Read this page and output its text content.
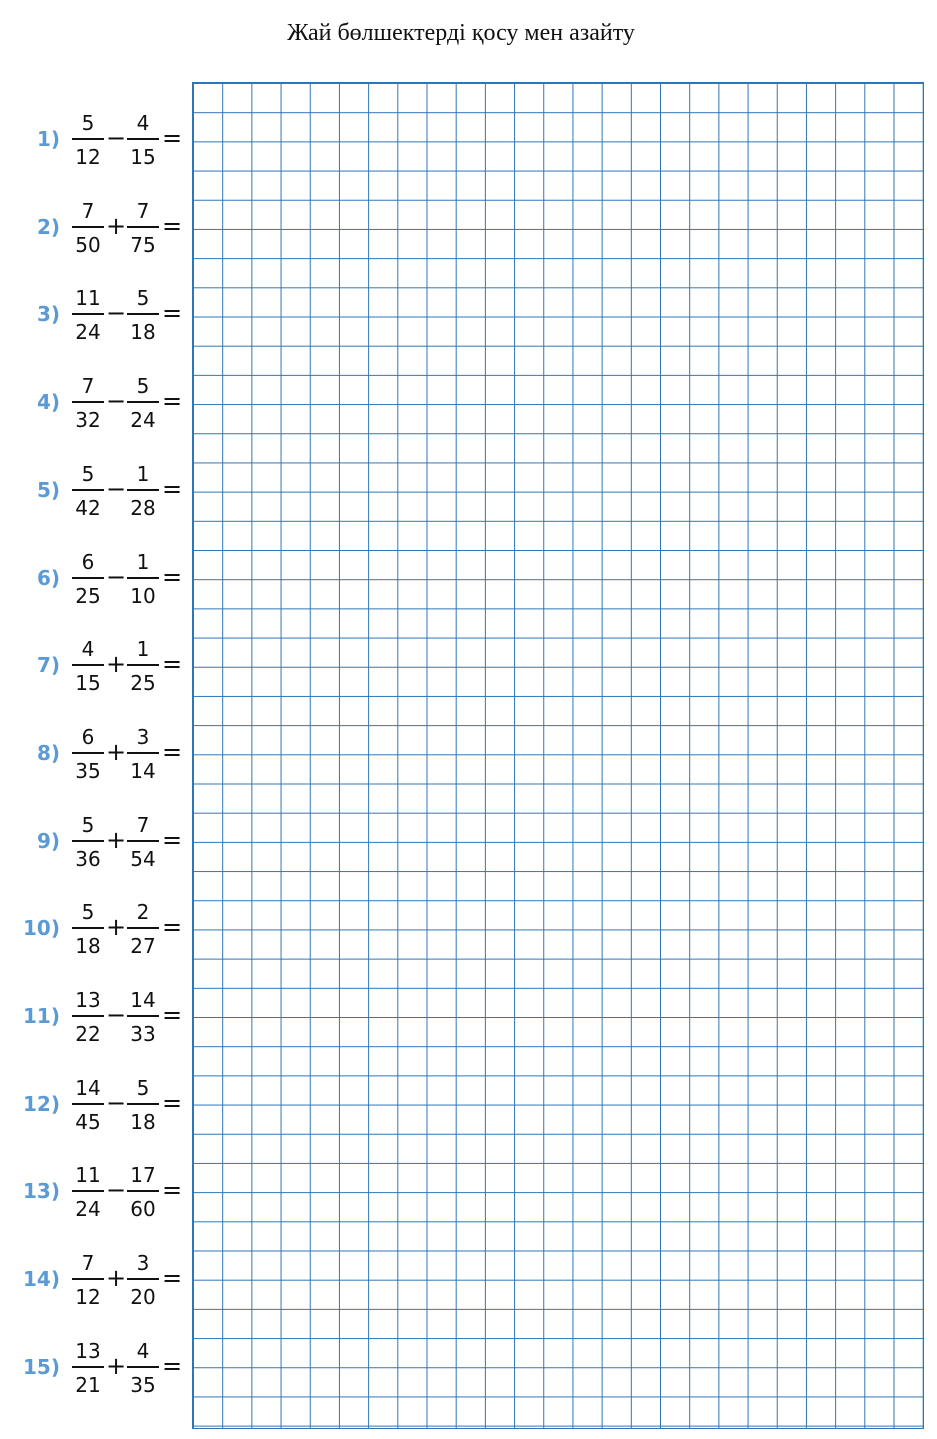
Жай бөлшектерді қосу мен азайту
1)
5
12
−
4
15
=
2)
7
50
+
7
75
=
3)
11
24
−
5
18
=
4)
7
32
−
5
24
=
5)
5
42
−
1
28
=
6)
6
25
−
1
10
=
7)
4
15
+
1
25
=
8)
6
35
+
3
14
=
9)
5
36
+
7
54
=
10)
5
18
+
2
27
=
11)
13
22
−
14
33
=
12)
14
45
−
5
18
=
13)
11
24
−
17
60
=
14)
7
12
+
3
20
=
15)
13
21
+
4
35
=
